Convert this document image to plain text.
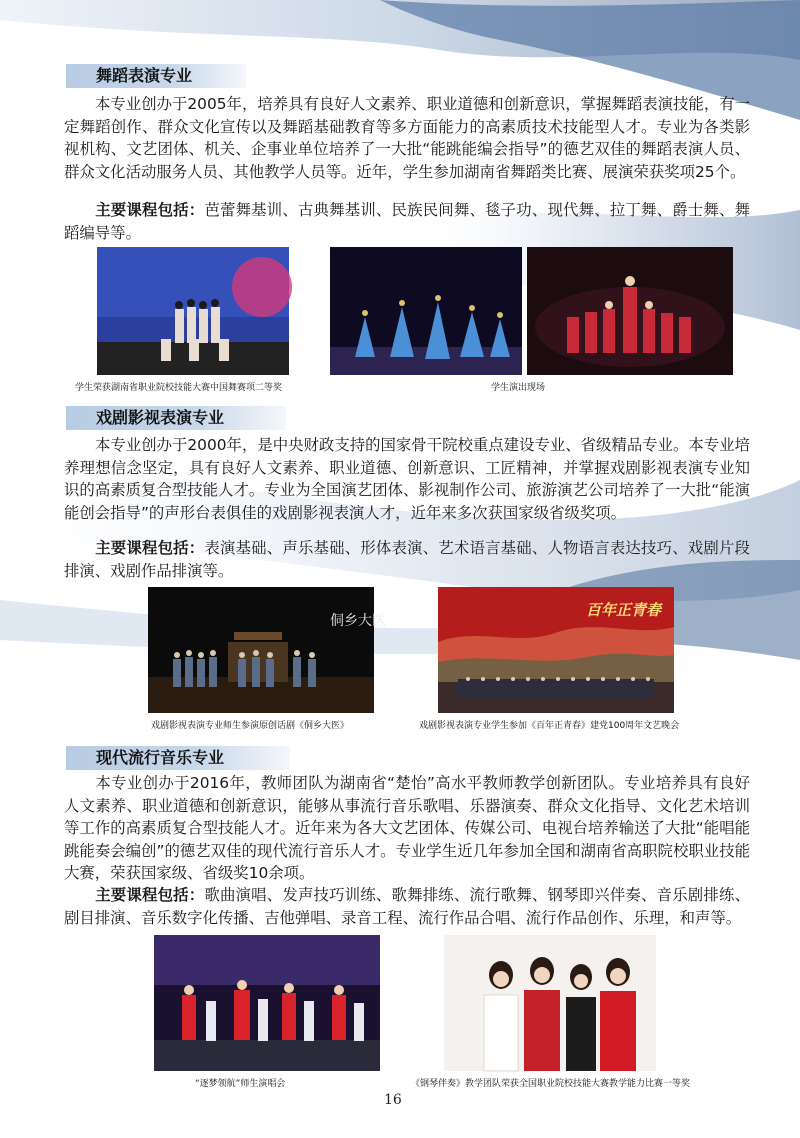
舞蹈表演专业

本专业创办于2005年，培养具有良好人文素养、职业道德和创新意识，掌握舞蹈表演技能，有一定舞蹈创作、群众文化宣传以及舞蹈基础教育等多方面能力的高素质技术技能型人才。专业为各类影视机构、文艺团体、机关、企事业单位培养了一大批“能跳能编会指导”的德艺双佳的舞蹈表演人员、群众文化活动服务人员、其他教学人员等。近年，学生参加湖南省舞蹈类比赛、展演荣获奖项25个。

主要课程包括：芭蕾舞基训、古典舞基训、民族民间舞、毯子功、现代舞、拉丁舞、爵士舞、舞蹈编导等。

学生荣获湖南省职业院校技能大赛中国舞赛项二等奖	学生演出现场
戏剧影视表演专业

本专业创办于2000年，是中央财政支持的国家骨干院校重点建设专业、省级精品专业。本专业培养理想信念坚定，具有良好人文素养、职业道德、创新意识、工匠精神，并掌握戏剧影视表演专业知识的高素质复合型技能人才。专业为全国演艺团体、影视制作公司、旅游演艺公司培养了一大批“能演能创会指导”的声形台表俱佳的戏剧影视表演人才，近年来多次获国家级省级奖项。

主要课程包括：表演基础、声乐基础、形体表演、艺术语言基础、人物语言表达技巧、戏剧片段排演、戏剧作品排演等。

侗乡大医
戏剧影视表演专业师生参演原创话剧《侗乡大医》
百年正青春
戏剧影视表演专业学生参加《百年正青春》建党100周年文艺晚会
现代流行音乐专业

本专业创办于2016年，教师团队为湖南省“楚怡”高水平教师教学创新团队。专业培养具有良好人文素养、职业道德和创新意识，能够从事流行音乐歌唱、乐器演奏、群众文化指导、文化艺术培训等工作的高素质复合型技能人才。近年来为各大文艺团体、传媒公司、电视台培养输送了大批“能唱能跳能奏会编创”的德艺双佳的现代流行音乐人才。专业学生近几年参加全国和湖南省高职院校职业技能大赛，荣获国家级、省级奖10余项。

主要课程包括：歌曲演唱、发声技巧训练、歌舞排练、流行歌舞、钢琴即兴伴奏、音乐剧排练、剧目排演、音乐数字化传播、吉他弹唱、录音工程、流行作品合唱、流行作品创作、乐理，和声等。

“逐梦领航”师生演唱会	《钢琴伴奏》教学团队荣获全国职业院校技能大赛教学能力比赛一等奖
16
